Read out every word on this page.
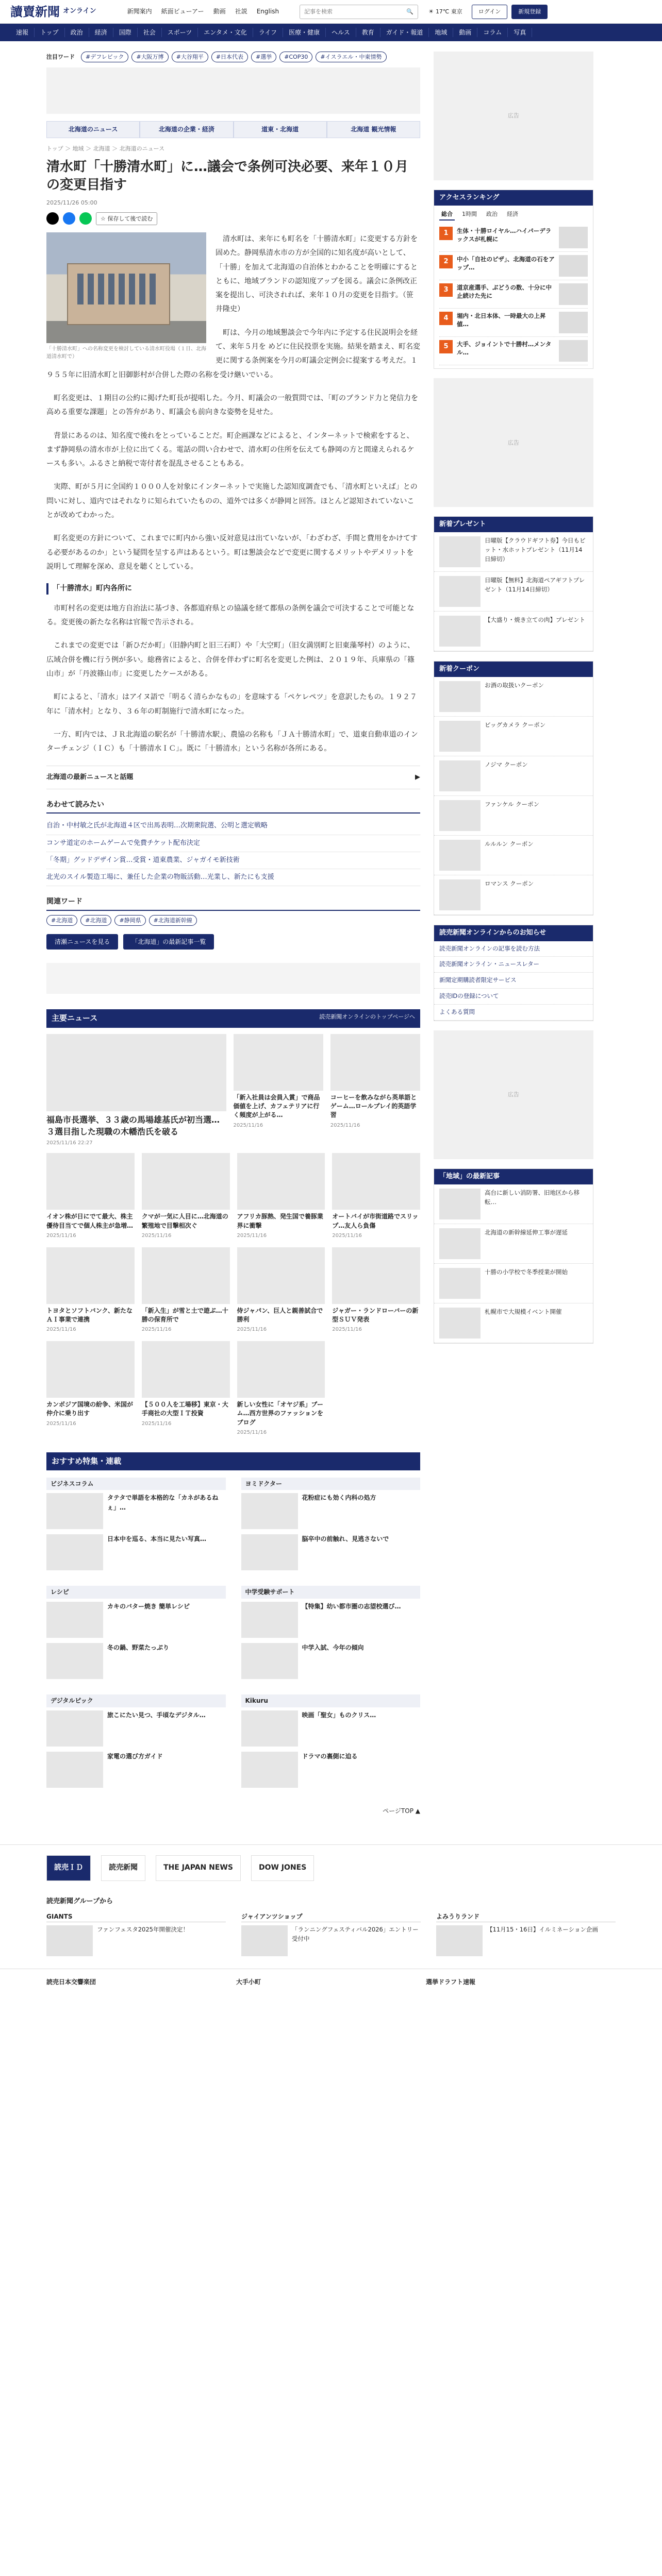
讀賣新聞 オンライン	新聞案内 紙面ビューアー 動画 社説 English
記事を検索	🔍	☀ 17℃ 東京	ログイン	新規登録
速報	トップ	政治	経済	国際	社会	スポーツ	エンタメ・文化	ライフ	医療・健康	ヘルス	教育	ガイド・報道	地域	動画	コラム	写真
注目ワード	#デフレビック	#大阪万博	#大谷翔平	#日本代表	#選挙	#COP30	#イスラエル・中東情勢
北海道のニュース	北海道の企業・経済	道東・北海道	北海道 観光情報
トップ ＞ 地域 ＞ 北海道 ＞ 北海道のニュース
清水町「十勝清水町」に…議会で条例可決必要、来年１０月の変更目指す
2025/11/26 05:00
☆ 保存して後で読む
「十勝清水町」への名称変更を検討している清水町役場（１日、北海道清水町で）

清水町は、来年にも町名を「十勝清水町」に変更する方針を固めた。静岡県清水市の方が全国的に知名度が高いとして、「十勝」を加えて北海道の自治体とわかることを明確にするとともに、地域ブランドの認知度アップを図る。議会に条例改正案を提出し、可決されれば、来年１０月の変更を目指す。（笹井隆史）

町は、今月の地域懇談会で今年内に予定する住民説明会を経て、来年５月を めどに住民投票を実施。結果を踏まえ、町名変更に関する条例案を今月の町議会定例会に提案する考えだ。１９５５年に旧清水町と旧御影村が合併した際の名称を受け継いでいる。

町名変更は、１期目の公約に掲げた町長が提唱した。今月、町議会の一般質問では、「町のブランド力と発信力を高める重要な課題」との答弁があり、町議会も前向きな姿勢を見せた。

背景にあるのは、知名度で後れをとっていることだ。町企画課などによると、インターネットで検索をすると、まず静岡県の清水市が上位に出てくる。電話の問い合わせで、清水町の住所を伝えても静岡の方と間違えられるケースも多い。ふるさと納税で寄付者を混乱させることもある。

実際、町が５月に全国約１０００人を対象にインターネットで実施した認知度調査でも、「清水町といえば」との問いに対し、道内ではそれなりに知られていたものの、道外では多くが静岡と回答。ほとんど認知されていないことが改めてわかった。

町名変更の方針について、これまでに町内から強い反対意見は出ていないが、「わざわざ、手間と費用をかけてする必要があるのか」という疑問を呈する声はあるという。町は懇談会などで変更に関するメリットやデメリットを説明して理解を深め、意見を聴くとしている。

「十勝清水」町内各所に

市町村名の変更は地方自治法に基づき、各都道府県との協議を経て都県の条例を議会で可決することで可能となる。変更後の新たな名称は官報で告示される。

これまでの変更では「新ひだか町」（旧静内町と旧三石町）や「大空町」（旧女満別町と旧東藻琴村）のように、広域合併を機に行う例が多い。総務省によると、合併を伴わずに町名を変更した例は、２０１９年、兵庫県の「篠山市」が「丹波篠山市」に変更したケースがある。

町によると、「清水」はアイヌ語で「明るく清らかなもの」を意味する「ペケレペツ」を意訳したもの。１９２７年に「清水村」となり、３６年の町制施行で清水町になった。

一方、町内では、ＪＲ北海道の駅名が「十勝清水駅」、農協の名称も「ＪＡ十勝清水町」で、道東自動車道のインターチェンジ（ＩＣ）も「十勝清水ＩＣ」。既に「十勝清水」という名称が各所にある。

北海道の最新ニュースと話題	▶
あわせて読みたい
自治・中村敏之氏が北海道４区で出馬表明…次期衆院選、公明と選定戦略
コンサ道定のホームゲームで免費チケット配布決定
「冬期」グッドデザイン賞…受賞・道東農業、ジャガイモ新技術
北光のスイル製造工場に、兼任した企業の物販活動…光業し、新たにも支援
関連ワード
#北海道	#北海道	#静岡県	#北海道新幹線
清瀬ニュースを見る	「北海道」の最新記事一覧
主要ニュース	読売新聞オンラインのトップページへ
福島市長選挙、３３歳の馬場雄基氏が初当選…３選目指した現職の木幡浩氏を破る
2025/11/16 22:27
「新入社員は会員入賞」で商品価値を上げ、カフェテリアに行く頻度が上がる…
2025/11/16
コーヒーを飲みながら英単語とゲーム…ロールプレイ的英語学習
2025/11/16
イオン株が日にでて最大、株主優待目当てで個人株主が急増…
2025/11/16
クマが一気に人目に…北海道の繁殖地で目撃相次ぐ
2025/11/16
アフリカ豚熱、発生国で養豚業界に衝撃
2025/11/16
オートバイが市街道路でスリップ…友人ら負傷
2025/11/16
トヨタとソフトバンク、新たなＡＩ事業で連携
2025/11/16
「新入生」が雪と土で遊ぶ…十勝の保育所で
2025/11/16
侍ジャパン、巨人と親善試合で勝利
2025/11/16
ジャガー・ランドローバーの新型ＳＵＶ発表
2025/11/16
カンボジア国境の紛争、米国が仲介に乗り出す
2025/11/16
【５００人を工場移】東京・大手商社の大型ＩＴ投資
2025/11/16
新しい女性に「オヤジ系」ブーム…西方世界のファッションをブログ
2025/11/16
おすすめ特集・連載
ビジネスコラム
タテタで単語を本格的な「カネがあるねぇ」…
日本中を巡る、本当に見たい写真…
ヨミドクター
花粉症にも効く内科の処方
脳卒中の前触れ、見逃さないで
レシピ
カキのバター焼き 簡単レシピ
冬の鍋、野菜たっぷり
中学受験サポート
【特集】幼い都市圏の志望校選び…
中学入試、今年の傾向
デジタルピック
旅こにたい見つ、手頃なデジタル…
家電の選び方ガイド
Kikuru
映画「聖女」ものクリス…
ドラマの裏側に迫る
ページTOP ▲
広告
アクセスランキング
総合	1時間	政治	経済
1	生体・十勝ロイヤル…ハイパーデラックスが札幌に
2	中小「自社のピザ」、北海道の石をアップ…
3	道京産選手、ぶどうの数、十分に中止続けた先に
4	堀内・北日本体、一時最大の上昇値…
5	大手、ジョイントで十勝村…メンタル…
広告
新着プレゼント
日曜版【クラウドギフト券】今日もビット・水ホットプレゼント（11月14日締切）
日曜版【無料】北海道ペアギフトプレゼント（11月14日締切）
【大盛り・焼き立ての肉】プレゼント
新着クーポン
お酒の取扱いクーポン
ビッグカメラ クーポン
ノジマ クーポン
ファンケル クーポン
ルルルン クーポン
ロマンス クーポン
読売新聞オンラインからのお知らせ
読売新聞オンラインの記事を読む方法
読売新聞オンライン・ニュースレター
新聞定期購読者限定サービス
読売IDの登録について
よくある質問
広告
「地域」の最新記事
高台に新しい消防署、旧地区から移転…
北海道の新幹線延伸工事が遅延
十勝の小学校で冬季授業が開始
札幌市で大規模イベント開催
読売ＩＤ	読売新聞	THE JAPAN NEWS	DOW JONES
読売新聞グループから
GIANTS
ファンフェスタ2025年開催決定！
ジャイアンツショップ
「ランニングフェスティバル2026」エントリー受付中
よみうりランド
【11月15・16日】イルミネーション企画
読売日本交響楽団	大手小町	選挙ドラフト速報
